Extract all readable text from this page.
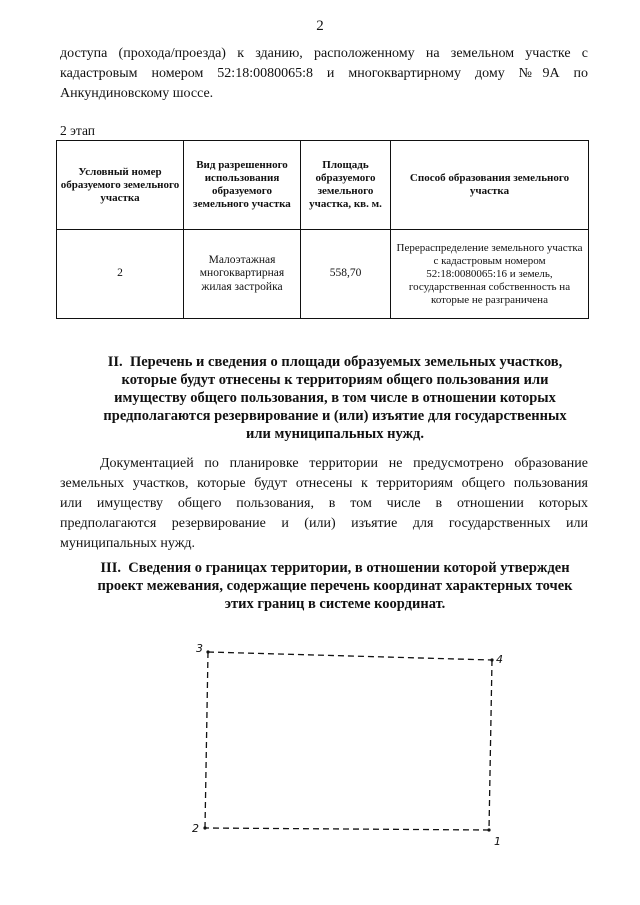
2
доступа (прохода/проезда) к зданию, расположенному на земельном участке с
кадастровым номером 52:18:0080065:8 и многоквартирному дому №9А по
Анкундиновскому шоссе.
2 этап
Условный номер образуемого земельного участка	Вид разрешенного использования образуемого земельного участка	Площадь образуемого земельного участка, кв. м.	Способ образования земельного участка
2	Малоэтажная многоквартирная жилая застройка	558,70	Перераспределение земельного участка с кадастровым номером 52:18:0080065:16 и земель, государственная собственность на которые не разграничена
II. Перечень и сведения о площади образуемых земельных участков,
которые будут отнесены к территориям общего пользования или
имуществу общего пользования, в том числе в отношении которых
предполагаются резервирование и (или) изъятие для государственных
или муниципальных нужд.
Документацией по планировке территории не предусмотрено образование
земельных участков, которые будут отнесены к территориям общего пользования
или имуществу общего пользования, в том числе в отношении которых
предполагаются резервирование и (или) изъятие для государственных или
муниципальных нужд.
III. Сведения о границах территории, в отношении которой утвержден
проект межевания, содержащие перечень координат характерных точек
этих границ в системе координат.
1
2
3
4
